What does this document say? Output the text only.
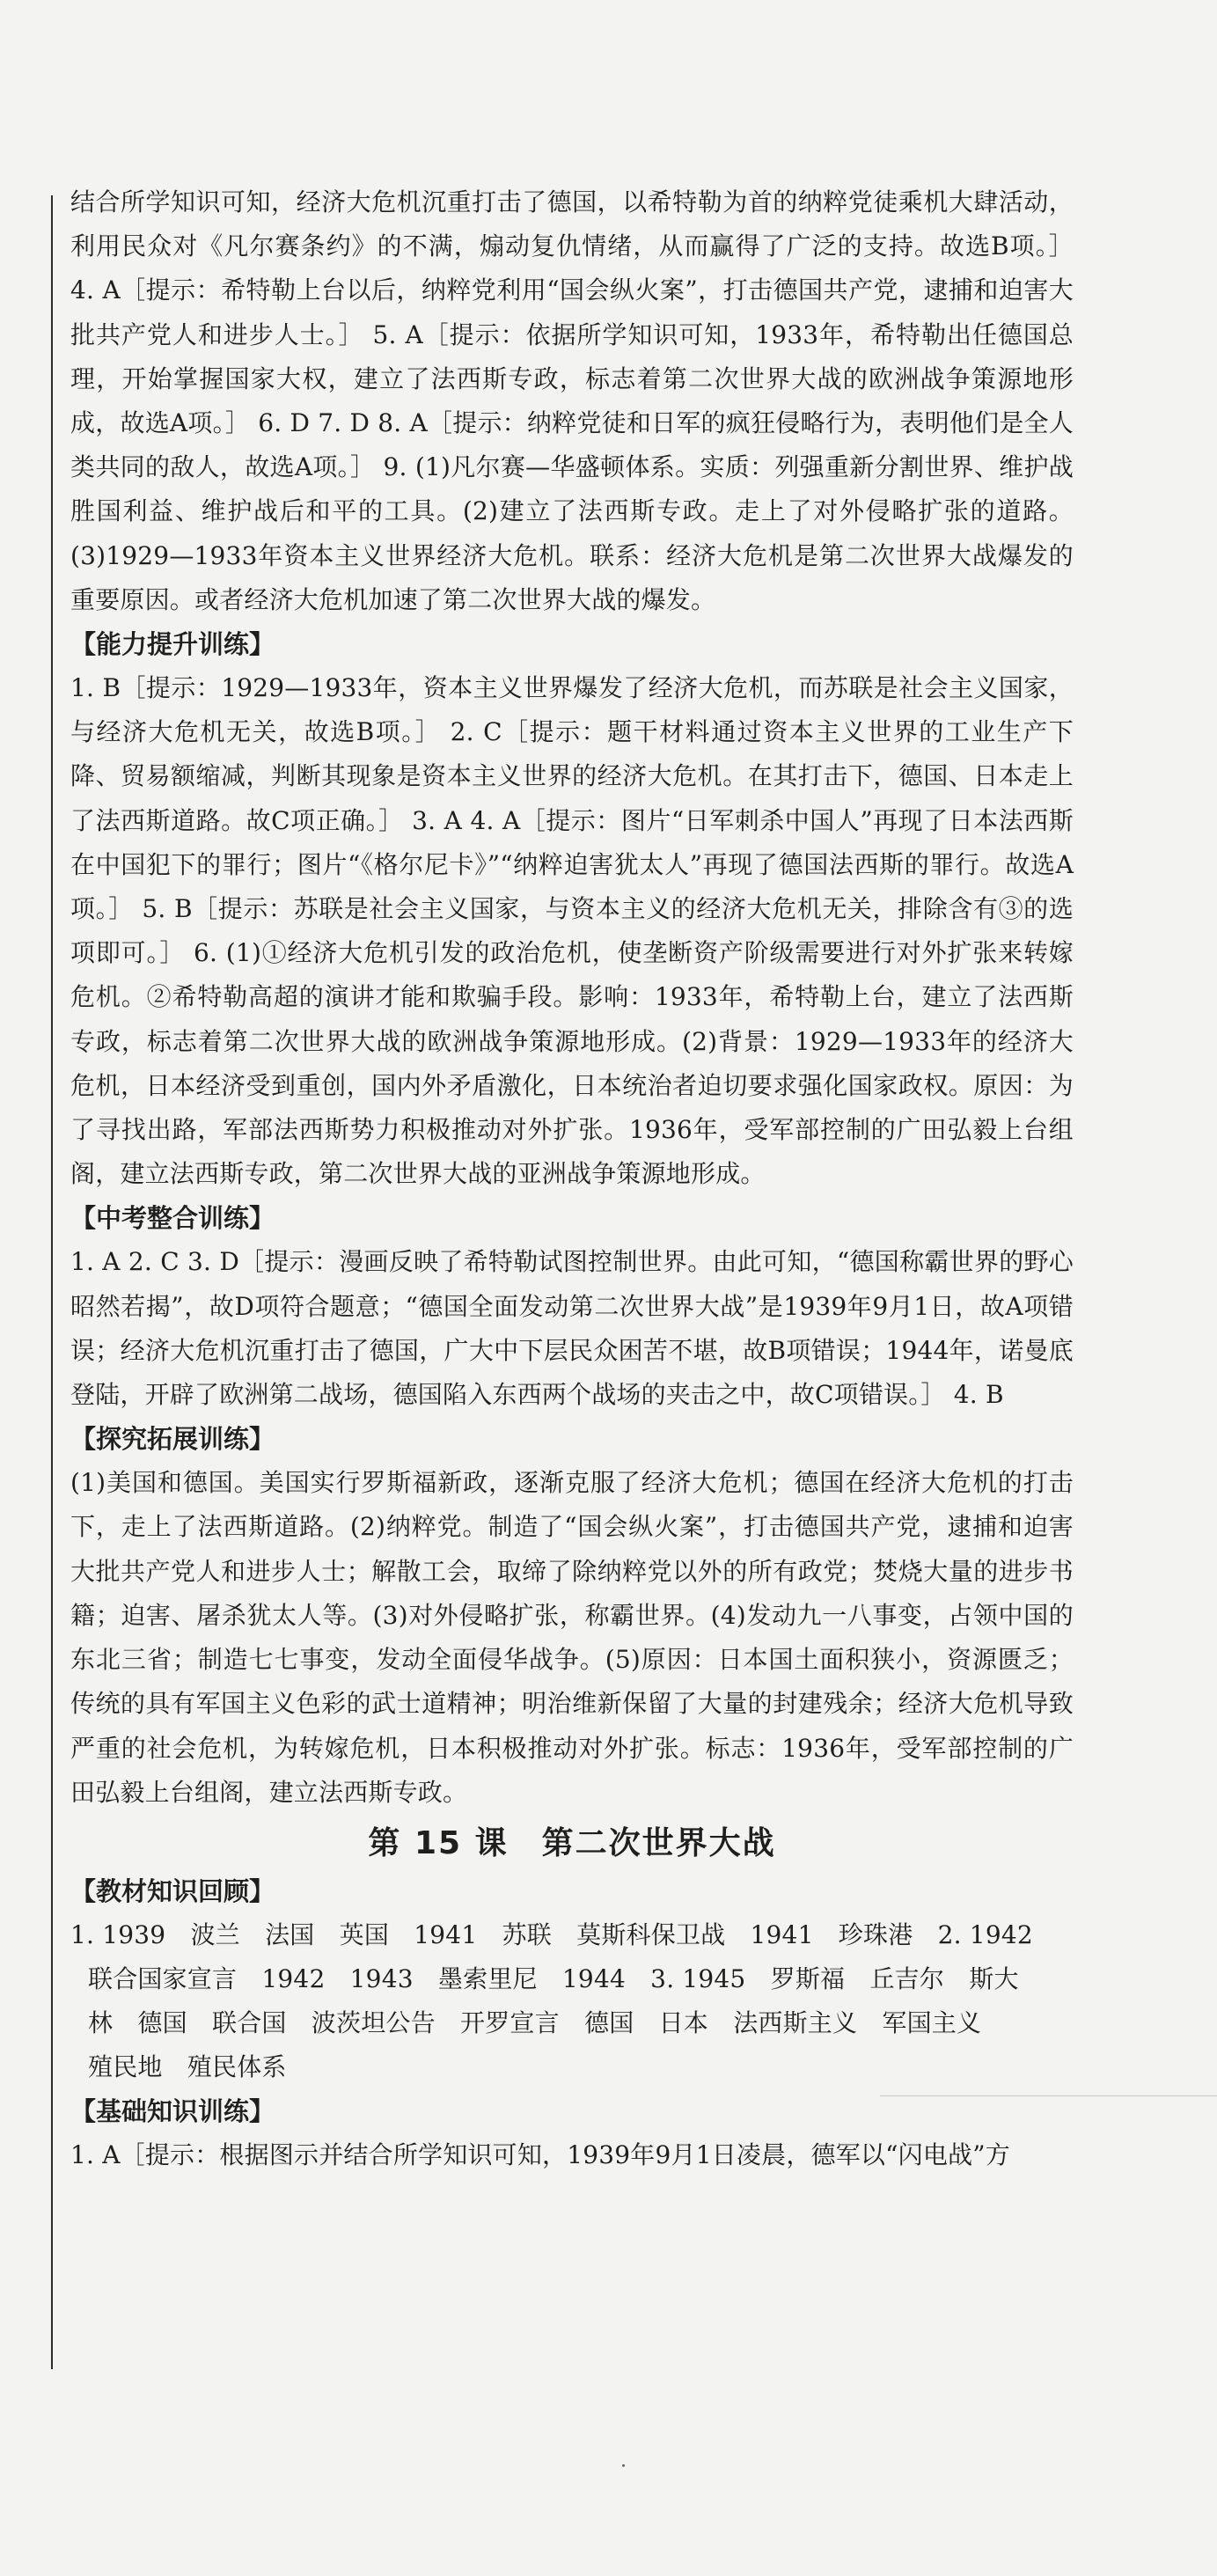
结合所学知识可知，经济大危机沉重打击了德国，以希特勒为首的纳粹党徒乘机大肆活动，利用民众对《凡尔赛条约》的不满，煽动复仇情绪，从而赢得了广泛的支持。故选B项。］ 4. A［提示：希特勒上台以后，纳粹党利用“国会纵火案”，打击德国共产党，逮捕和迫害大批共产党人和进步人士。］ 5. A［提示：依据所学知识可知，1933年，希特勒出任德国总理，开始掌握国家大权，建立了法西斯专政，标志着第二次世界大战的欧洲战争策源地形成，故选A项。］ 6. D 7. D 8. A［提示：纳粹党徒和日军的疯狂侵略行为，表明他们是全人类共同的敌人，故选A项。］ 9. (1)凡尔赛—华盛顿体系。实质：列强重新分割世界、维护战胜国利益、维护战后和平的工具。(2)建立了法西斯专政。走上了对外侵略扩张的道路。(3)1929—1933年资本主义世界经济大危机。联系：经济大危机是第二次世界大战爆发的重要原因。或者经济大危机加速了第二次世界大战的爆发。

【能力提升训练】

1. B［提示：1929—1933年，资本主义世界爆发了经济大危机，而苏联是社会主义国家，与经济大危机无关，故选B项。］ 2. C［提示：题干材料通过资本主义世界的工业生产下降、贸易额缩减，判断其现象是资本主义世界的经济大危机。在其打击下，德国、日本走上了法西斯道路。故C项正确。］ 3. A 4. A［提示：图片“日军刺杀中国人”再现了日本法西斯在中国犯下的罪行；图片“《格尔尼卡》”“纳粹迫害犹太人”再现了德国法西斯的罪行。故选A项。］ 5. B［提示：苏联是社会主义国家，与资本主义的经济大危机无关，排除含有③的选项即可。］ 6. (1)①经济大危机引发的政治危机，使垄断资产阶级需要进行对外扩张来转嫁危机。②希特勒高超的演讲才能和欺骗手段。影响：1933年，希特勒上台，建立了法西斯专政，标志着第二次世界大战的欧洲战争策源地形成。(2)背景：1929—1933年的经济大危机，日本经济受到重创，国内外矛盾激化，日本统治者迫切要求强化国家政权。原因：为了寻找出路，军部法西斯势力积极推动对外扩张。1936年，受军部控制的广田弘毅上台组阁，建立法西斯专政，第二次世界大战的亚洲战争策源地形成。

【中考整合训练】

1. A 2. C 3. D［提示：漫画反映了希特勒试图控制世界。由此可知，“德国称霸世界的野心昭然若揭”，故D项符合题意；“德国全面发动第二次世界大战”是1939年9月1日，故A项错误；经济大危机沉重打击了德国，广大中下层民众困苦不堪，故B项错误；1944年，诺曼底登陆，开辟了欧洲第二战场，德国陷入东西两个战场的夹击之中，故C项错误。］ 4. B

【探究拓展训练】

(1)美国和德国。美国实行罗斯福新政，逐渐克服了经济大危机；德国在经济大危机的打击下，走上了法西斯道路。(2)纳粹党。制造了“国会纵火案”，打击德国共产党，逮捕和迫害大批共产党人和进步人士；解散工会，取缔了除纳粹党以外的所有政党；焚烧大量的进步书籍；迫害、屠杀犹太人等。(3)对外侵略扩张，称霸世界。(4)发动九一八事变，占领中国的东北三省；制造七七事变，发动全面侵华战争。(5)原因：日本国土面积狭小，资源匮乏；传统的具有军国主义色彩的武士道精神；明治维新保留了大量的封建残余；经济大危机导致严重的社会危机，为转嫁危机，日本积极推动对外扩张。标志：1936年，受军部控制的广田弘毅上台组阁，建立法西斯专政。

第 15 课　第二次世界大战

【教材知识回顾】

1. 1939　波兰　法国　英国　1941　苏联　莫斯科保卫战　1941　珍珠港　2. 1942

联合国家宣言　1942　1943　墨索里尼　1944　3. 1945　罗斯福　丘吉尔　斯大

林　德国　联合国　波茨坦公告　开罗宣言　德国　日本　法西斯主义　军国主义

殖民地　殖民体系

【基础知识训练】

1. A［提示：根据图示并结合所学知识可知，1939年9月1日凌晨，德军以“闪电战”方
